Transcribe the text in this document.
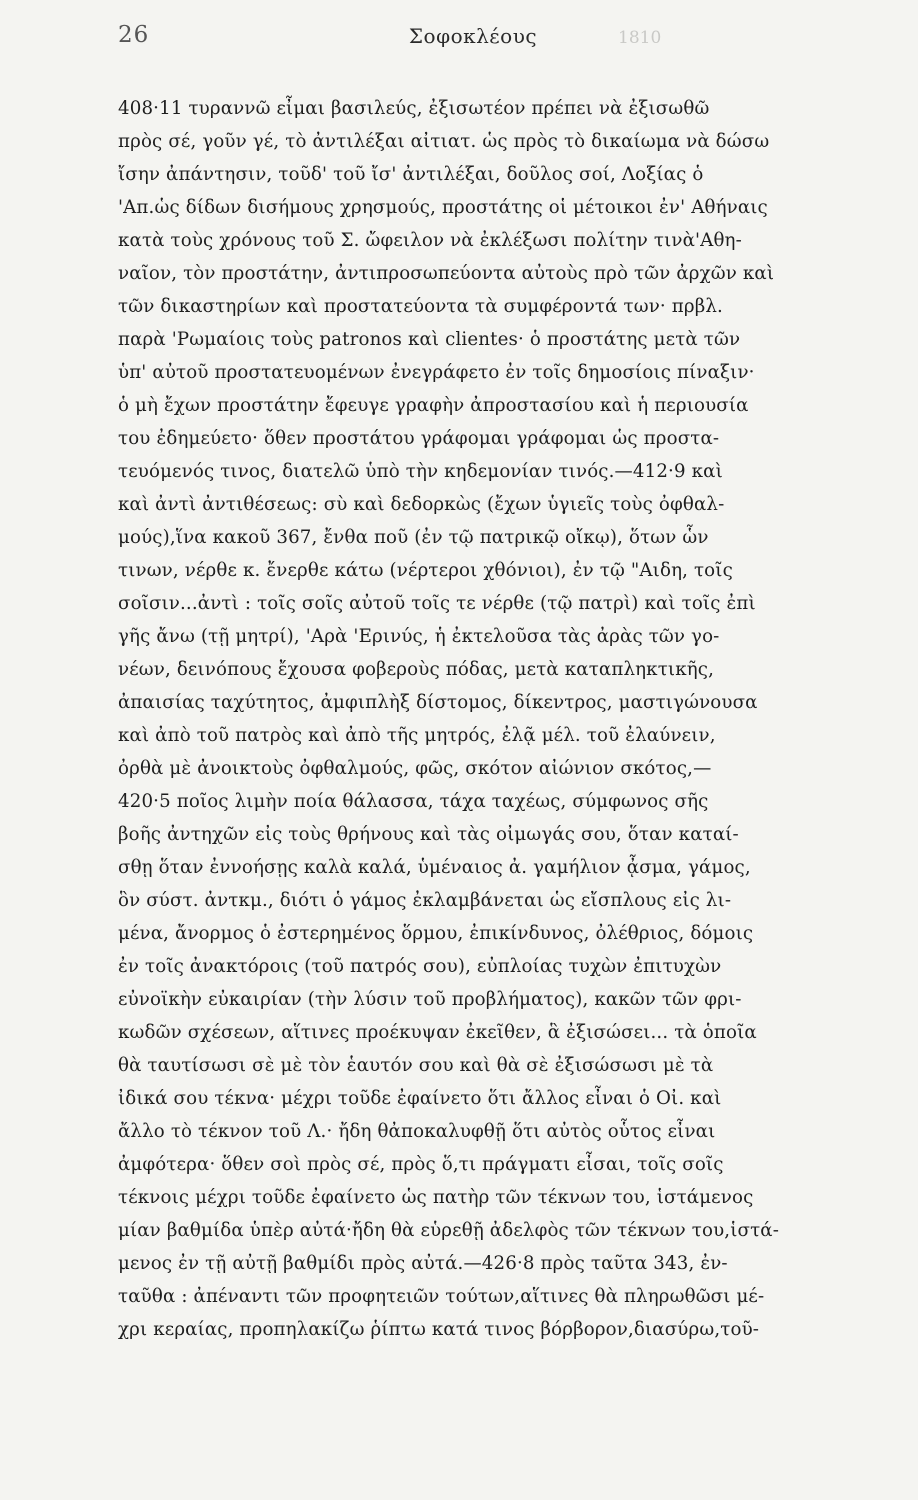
26	Σοφοκλέους	1810
408·11 τυραννῶ εἶμαι βασιλεύς, ἐξισωτέον πρέπει νὰ ἐξισωθῶ
πρὸς σέ, γοῦν γέ, τὸ ἀντιλέξαι αἰτιατ. ὡς πρὸς τὸ δικαίωμα νὰ δώσω
ἴσην ἀπάντησιν, τοῦδ' τοῦ ἴσ' ἀντιλέξαι, δοῦλος σοί, Λοξίας ὁ
'Απ.ὡς δίδων δισήμους χρησμούς, προστάτης οἱ μέτοικοι ἐν' Αθήναις
κατὰ τοὺς χρόνους τοῦ Σ. ὤφειλον νὰ ἐκλέξωσι πολίτην τινὰ'Αθη-
ναῖον, τὸν προστάτην, ἀντιπροσωπεύοντα αὐτοὺς πρὸ τῶν ἀρχῶν καὶ
τῶν δικαστηρίων καὶ προστατεύοντα τὰ συμφέροντά των· πρβλ.
παρὰ 'Ρωμαίοις τοὺς patronos καὶ clientes· ὁ προστάτης μετὰ τῶν
ὑπ' αὐτοῦ προστατευομένων ἐνεγράφετο ἐν τοῖς δημοσίοις πίναξιν·
ὁ μὴ ἔχων προστάτην ἔφευγε γραφὴν ἀπροστασίου καὶ ἡ περιουσία
του ἐδημεύετο· ὅθεν προστάτου γράφομαι γράφομαι ὡς προστα-
τευόμενός τινος, διατελῶ ὑπὸ τὴν κηδεμονίαν τινός.—412·9 καὶ
καὶ ἀντὶ ἀντιθέσεως: σὺ καὶ δεδορκὼς (ἔχων ὑγιεῖς τοὺς ὀφθαλ-
μούς),ἵνα κακοῦ 367, ἔνθα ποῦ (ἐν τῷ πατρικῷ οἴκῳ), ὅτων ὧν
τινων, νέρθε κ. ἔνερθε κάτω (νέρτεροι χθόνιοι), ἐν τῷ "Αιδη, τοῖς
σοῖσιν...ἀντὶ : τοῖς σοῖς αὐτοῦ τοῖς τε νέρθε (τῷ πατρὶ) καὶ τοῖς ἐπὶ
γῆς ἄνω (τῇ μητρί), 'Αρὰ 'Ερινύς, ἡ ἐκτελοῦσα τὰς ἀρὰς τῶν γο-
νέων, δεινόπους ἔχουσα φοβεροὺς πόδας, μετὰ καταπληκτικῆς,
ἀπαισίας ταχύτητος, ἀμφιπλὴξ δίστομος, δίκεντρος, μαστιγώνουσα
καὶ ἀπὸ τοῦ πατρὸς καὶ ἀπὸ τῆς μητρός, ἐλᾷ μέλ. τοῦ ἐλαύνειν,
ὀρθὰ μὲ ἀνοικτοὺς ὀφθαλμούς, φῶς, σκότον αἰώνιον σκότος,—
420·5 ποῖος λιμὴν ποία θάλασσα, τάχα ταχέως, σύμφωνος σῆς
βοῆς ἀντηχῶν εἰς τοὺς θρήνους καὶ τὰς οἰμωγάς σου, ὅταν καταί-
σθῃ ὅταν ἐννοήσῃς καλὰ καλά, ὑμέναιος ἀ. γαμήλιον ᾆσμα, γάμος,
ὃν σύστ. ἀντκμ., διότι ὁ γάμος ἐκλαμβάνεται ὡς εἴσπλους εἰς λι-
μένα, ἄνορμος ὁ ἐστερημένος ὅρμου, ἐπικίνδυνος, ὀλέθριος, δόμοις
ἐν τοῖς ἀνακτόροις (τοῦ πατρός σου), εὐπλοίας τυχὼν ἐπιτυχὼν
εὐνοϊκὴν εὐκαιρίαν (τὴν λύσιν τοῦ προβλήματος), κακῶν τῶν φρι-
κωδῶν σχέσεων, αἵτινες προέκυψαν ἐκεῖθεν, ἃ ἐξισώσει... τὰ ὁποῖα
θὰ ταυτίσωσι σὲ μὲ τὸν ἑαυτόν σου καὶ θὰ σὲ ἐξισώσωσι μὲ τὰ
ἰδικά σου τέκνα· μέχρι τοῦδε ἐφαίνετο ὅτι ἄλλος εἶναι ὁ Οἰ. καὶ
ἄλλο τὸ τέκνον τοῦ Λ.· ἤδη θἀποκαλυφθῇ ὅτι αὐτὸς οὗτος εἶναι
ἀμφότερα· ὅθεν σοὶ πρὸς σέ, πρὸς ὅ,τι πράγματι εἶσαι, τοῖς σοῖς
τέκνοις μέχρι τοῦδε ἐφαίνετο ὡς πατὴρ τῶν τέκνων του, ἱστάμενος
μίαν βαθμίδα ὑπὲρ αὐτά·ἤδη θὰ εὑρεθῇ ἀδελφὸς τῶν τέκνων του,ἱστά-
μενος ἐν τῇ αὐτῇ βαθμίδι πρὸς αὐτά.—426·8 πρὸς ταῦτα 343, ἐν-
ταῦθα : ἀπέναντι τῶν προφητειῶν τούτων,αἵτινες θὰ πληρωθῶσι μέ-
χρι κεραίας, προπηλακίζω ῥίπτω κατά τινος βόρβορον,διασύρω,τοῦ-
